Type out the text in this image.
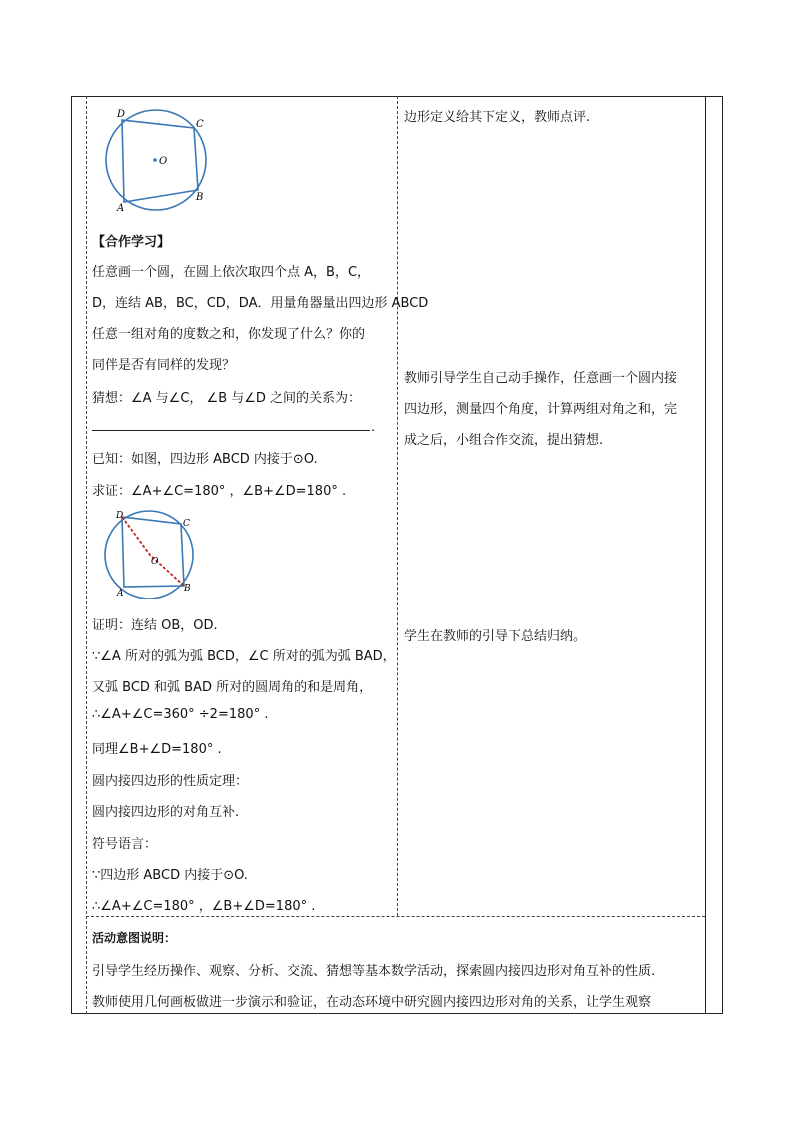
D
C
O
A
B
【合作学习】
任意画一个圆，在圆上依次取四个点 A，B，C，
D，连结 AB，BC，CD，DA．用量角器量出四边形 ABCD
任意一组对角的度数之和，你发现了什么？你的
同伴是否有同样的发现？
猜想：∠A 与∠C， ∠B 与∠D 之间的关系为：
.
已知：如图，四边形 ABCD 内接于⊙O.
求证：∠A+∠C=180° ，∠B+∠D=180° .
D
C
O
A	B
证明：连结 OB，OD.
∵∠A 所对的弧为弧 BCD，∠C 所对的弧为弧 BAD，
又弧 BCD 和弧 BAD 所对的圆周角的和是周角，
∴∠A+∠C=360° ÷2=180° .
同理∠B+∠D=180° .
圆内接四边形的性质定理：
圆内接四边形的对角互补.
符号语言：
∵四边形 ABCD 内接于⊙O.
∴∠A+∠C=180° ，∠B+∠D=180° .
边形定义给其下定义，教师点评.
教师引导学生自己动手操作，任意画一个圆内接
四边形，测量四个角度，计算两组对角之和，完
成之后，小组合作交流，提出猜想.
学生在教师的引导下总结归纳。
活动意图说明：
引导学生经历操作、观察、分析、交流、猜想等基本数学活动，探索圆内接四边形对角互补的性质.
教师使用几何画板做进一步演示和验证，在动态环境中研究圆内接四边形对角的关系，让学生观察
